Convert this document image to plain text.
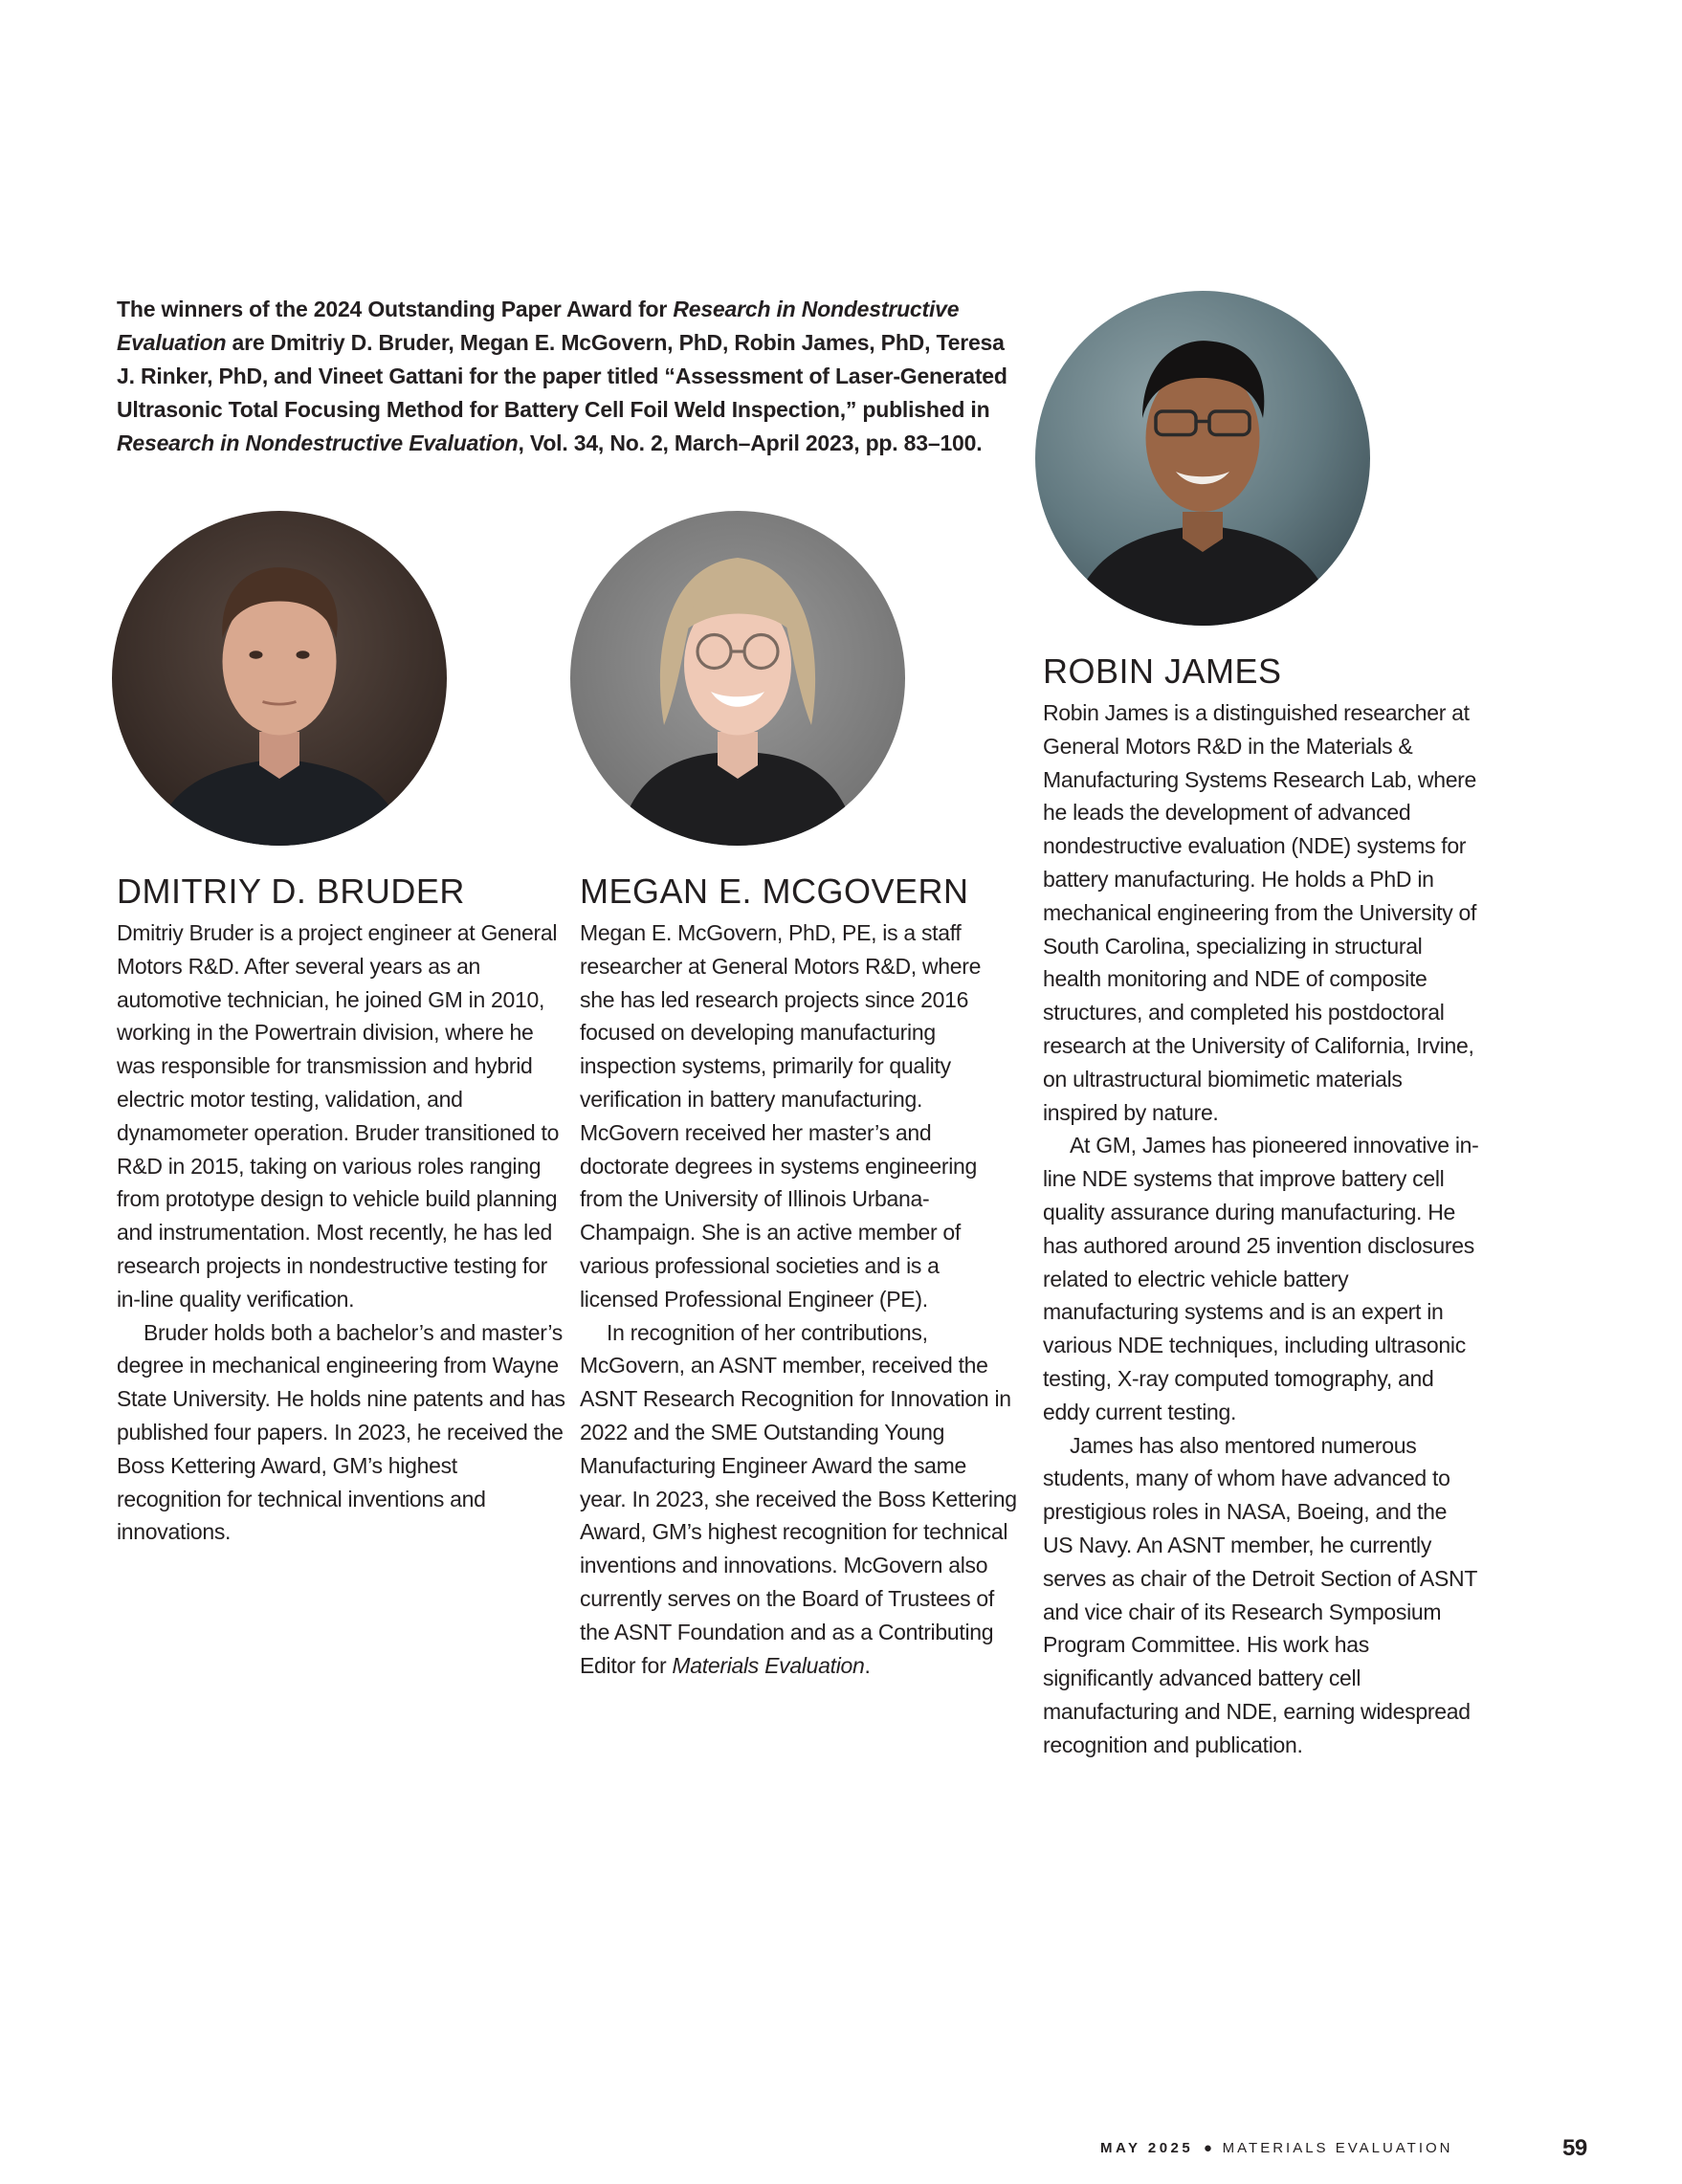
The winners of the 2024 Outstanding Paper Award for Research in Nondestructive Evaluation are Dmitriy D. Bruder, Megan E. McGovern, PhD, Robin James, PhD, Teresa J. Rinker, PhD, and Vineet Gattani for the paper titled “Assessment of Laser-Generated Ultrasonic Total Focusing Method for Battery Cell Foil Weld Inspection,” published in Research in Nondestructive Evaluation, Vol. 34, No. 2, March–April 2023, pp. 83–100.
DMITRIY D. BRUDER

Dmitriy Bruder is a project engineer at General Motors R&D. After several years as an automotive technician, he joined GM in 2010, working in the Powertrain division, where he was responsible for transmission and hybrid electric motor testing, validation, and dynamometer operation. Bruder transitioned to R&D in 2015, taking on various roles ranging from prototype design to vehicle build planning and instrumentation. Most recently, he has led research projects in nondestructive testing for in-line quality verification.

Bruder holds both a bachelor’s and master’s degree in mechanical engineering from Wayne State University. He holds nine patents and has published four papers. In 2023, he received the Boss Kettering Award, GM’s highest recognition for technical inventions and innovations.

MEGAN E. MCGOVERN

Megan E. McGovern, PhD, PE, is a staff researcher at General Motors R&D, where she has led research projects since 2016 focused on developing manufacturing inspection systems, primarily for quality verification in battery manufacturing. McGovern received her master’s and doctorate degrees in systems engineering from the University of Illinois Urbana-Champaign. She is an active member of various professional societies and is a licensed Professional Engineer (PE).

In recognition of her contributions, McGovern, an ASNT member, received the ASNT Research Recognition for Innovation in 2022 and the SME Outstanding Young Manufacturing Engineer Award the same year. In 2023, she received the Boss Kettering Award, GM’s highest recognition for technical inventions and innovations. McGovern also currently serves on the Board of Trustees of the ASNT Foundation and as a Contributing Editor for Materials Evaluation.

ROBIN JAMES

Robin James is a distinguished researcher at General Motors R&D in the Materials & Manufacturing Systems Research Lab, where he leads the development of advanced nondestructive evaluation (NDE) systems for battery manufacturing. He holds a PhD in mechanical engineering from the University of South Carolina, specializing in structural health monitoring and NDE of composite structures, and completed his postdoctoral research at the University of California, Irvine, on ultrastructural biomimetic materials inspired by nature.

At GM, James has pioneered innovative in-line NDE systems that improve battery cell quality assurance during manufacturing. He has authored around 25 invention disclosures related to electric vehicle battery manufacturing systems and is an expert in various NDE techniques, including ultrasonic testing, X-ray computed tomography, and eddy current testing.

James has also mentored numerous students, many of whom have advanced to prestigious roles in NASA, Boeing, and the US Navy. An ASNT member, he currently serves as chair of the Detroit Section of ASNT and vice chair of its Research Symposium Program Committee. His work has significantly advanced battery cell manufacturing and NDE, earning widespread recognition and publication.

MAY 2025 ● MATERIALS EVALUATION	59
